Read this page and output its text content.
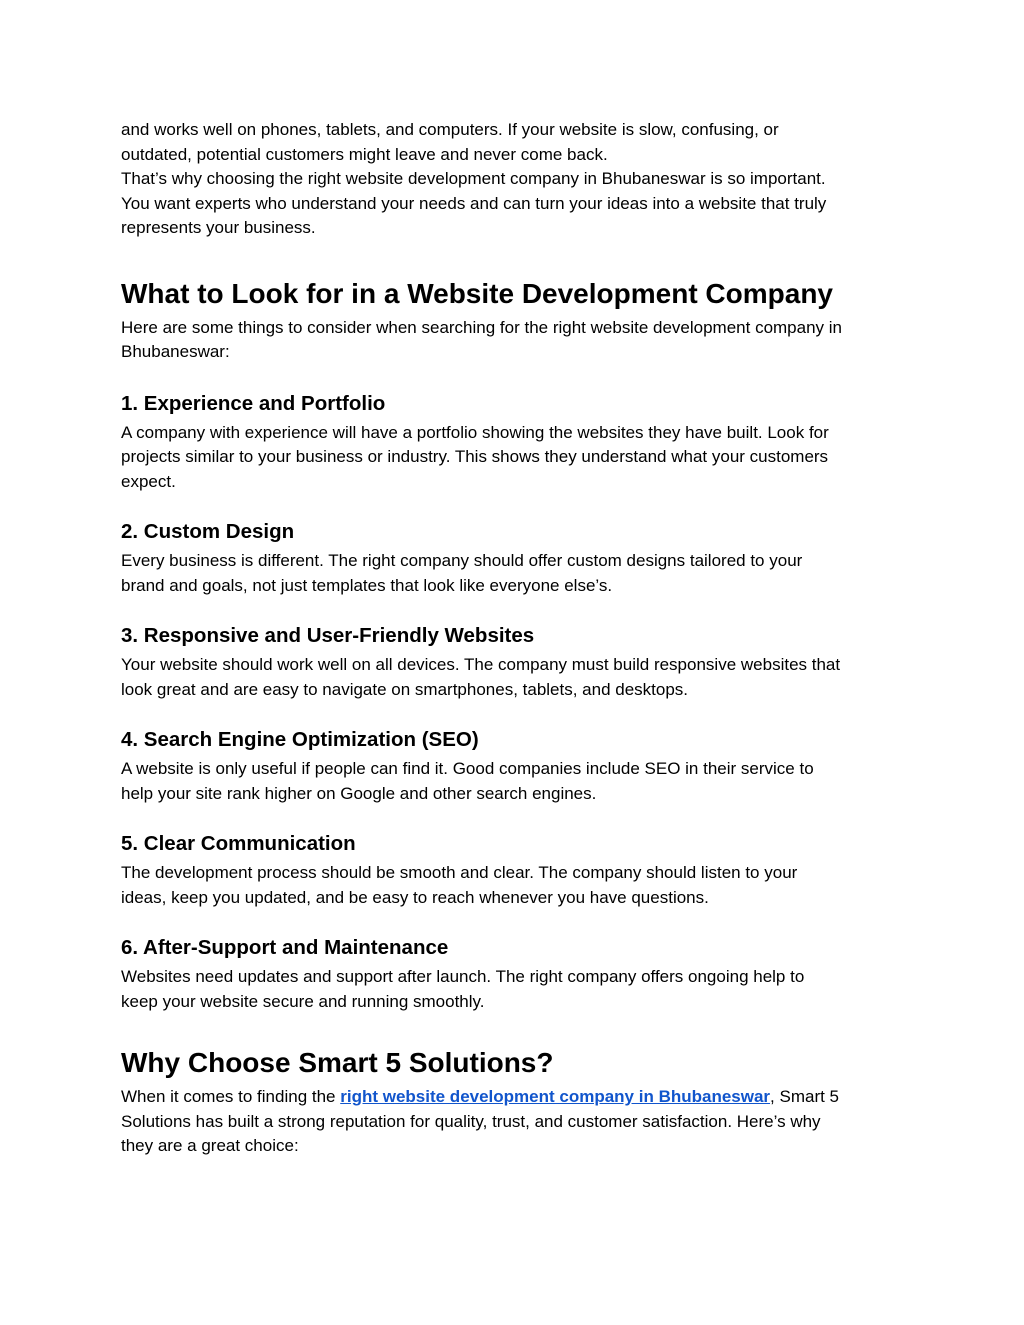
and works well on phones, tablets, and computers. If your website is slow, confusing, or

outdated, potential customers might leave and never come back.

That’s why choosing the right website development company in Bhubaneswar is so important.

You want experts who understand your needs and can turn your ideas into a website that truly

represents your business.

What to Look for in a Website Development Company

Here are some things to consider when searching for the right website development company in

Bhubaneswar:

1. Experience and Portfolio

A company with experience will have a portfolio showing the websites they have built. Look for

projects similar to your business or industry. This shows they understand what your customers

expect.

2. Custom Design

Every business is different. The right company should offer custom designs tailored to your

brand and goals, not just templates that look like everyone else’s.

3. Responsive and User-Friendly Websites

Your website should work well on all devices. The company must build responsive websites that

look great and are easy to navigate on smartphones, tablets, and desktops.

4. Search Engine Optimization (SEO)

A website is only useful if people can find it. Good companies include SEO in their service to

help your site rank higher on Google and other search engines.

5. Clear Communication

The development process should be smooth and clear. The company should listen to your

ideas, keep you updated, and be easy to reach whenever you have questions.

6. After-Support and Maintenance

Websites need updates and support after launch. The right company offers ongoing help to

keep your website secure and running smoothly.

Why Choose Smart 5 Solutions?

When it comes to finding the right website development company in Bhubaneswar, Smart 5

Solutions has built a strong reputation for quality, trust, and customer satisfaction. Here’s why

they are a great choice:
